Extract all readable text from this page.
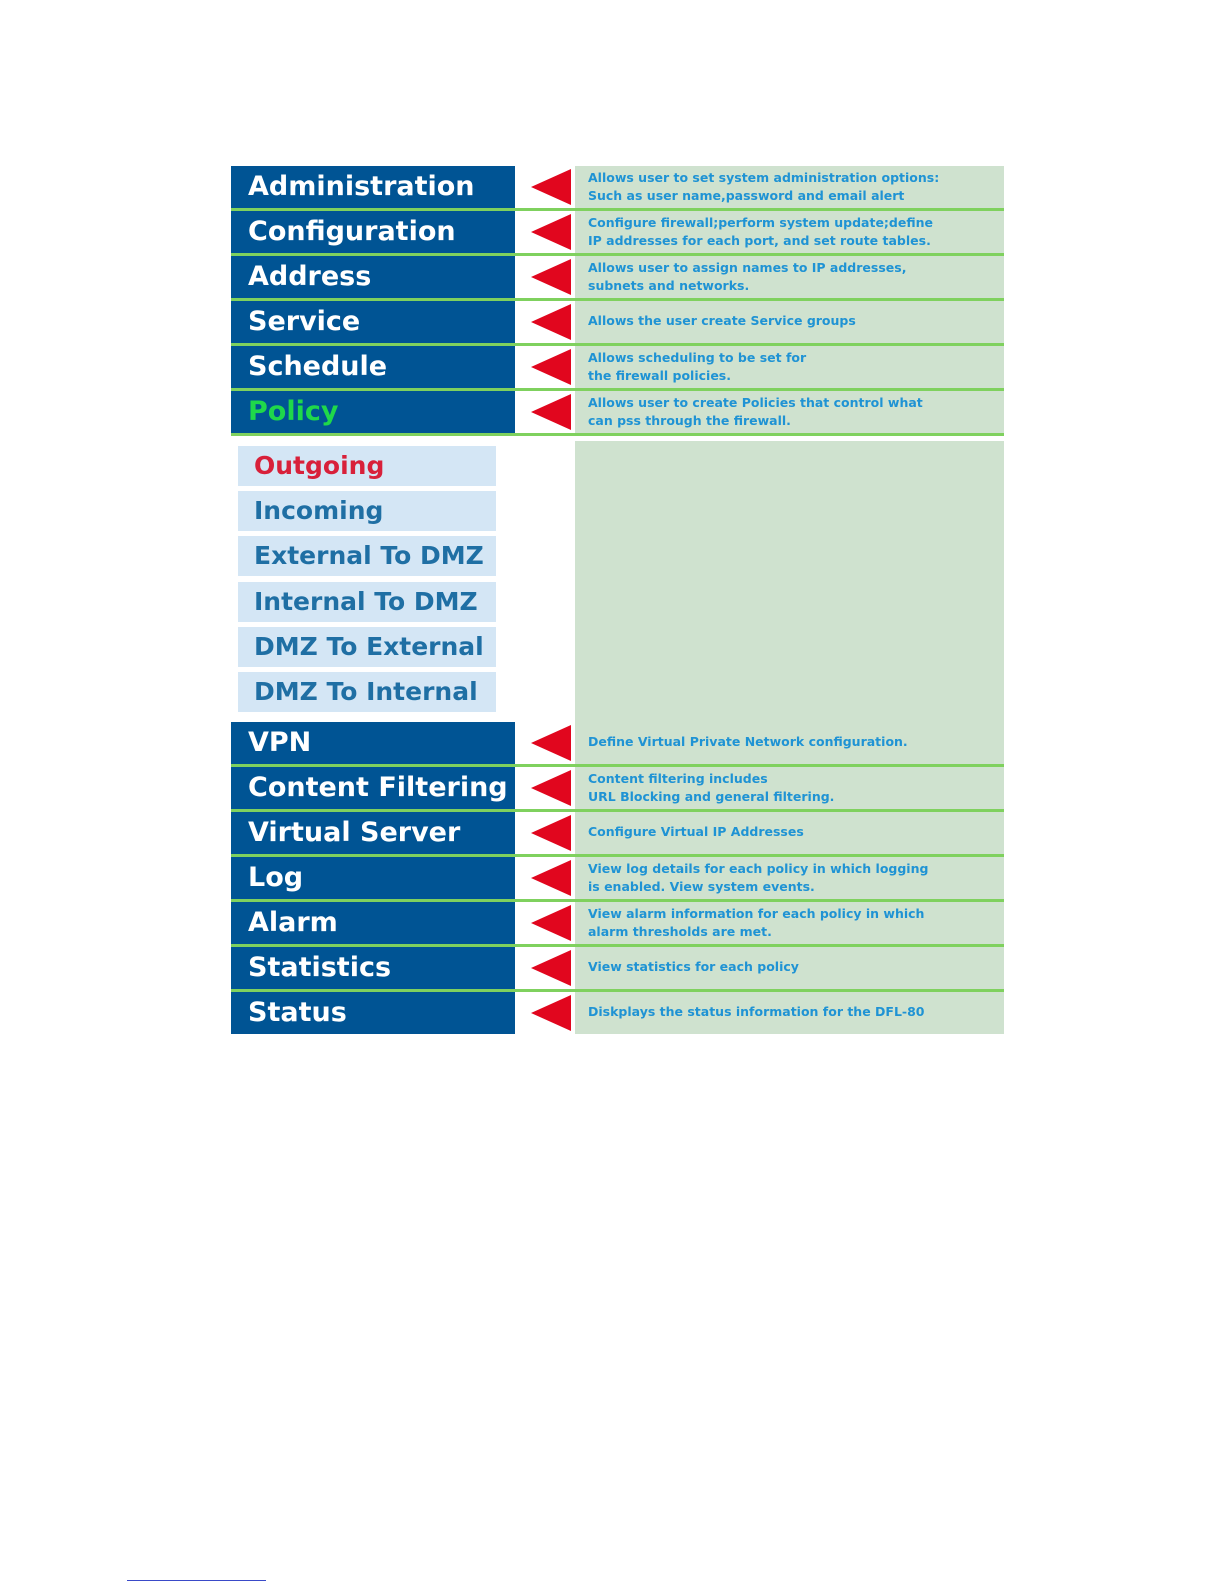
Administration	Allows user to set system administration options:
Such as user name,password and email alert
Configuration	Configure firewall;perform system update;define
IP addresses for each port, and set route tables.
Address	Allows user to assign names to IP addresses,
subnets and networks.
Service	Allows the user create Service groups
Schedule	Allows scheduling to be set for
the firewall policies.
Policy	Allows user to create Policies that control what
can pss through the firewall.
Outgoing
Incoming
External To DMZ
Internal To DMZ
DMZ To External
DMZ To Internal
VPN	Define Virtual Private Network configuration.
Content Filtering	Content filtering includes
URL Blocking and general filtering.
Virtual Server	Configure Virtual IP Addresses
Log	View log details for each policy in which logging
is enabled. View system events.
Alarm	View alarm information for each policy in which
alarm thresholds are met.
Statistics	View statistics for each policy
Status	Diskplays the status information for the DFL-80
